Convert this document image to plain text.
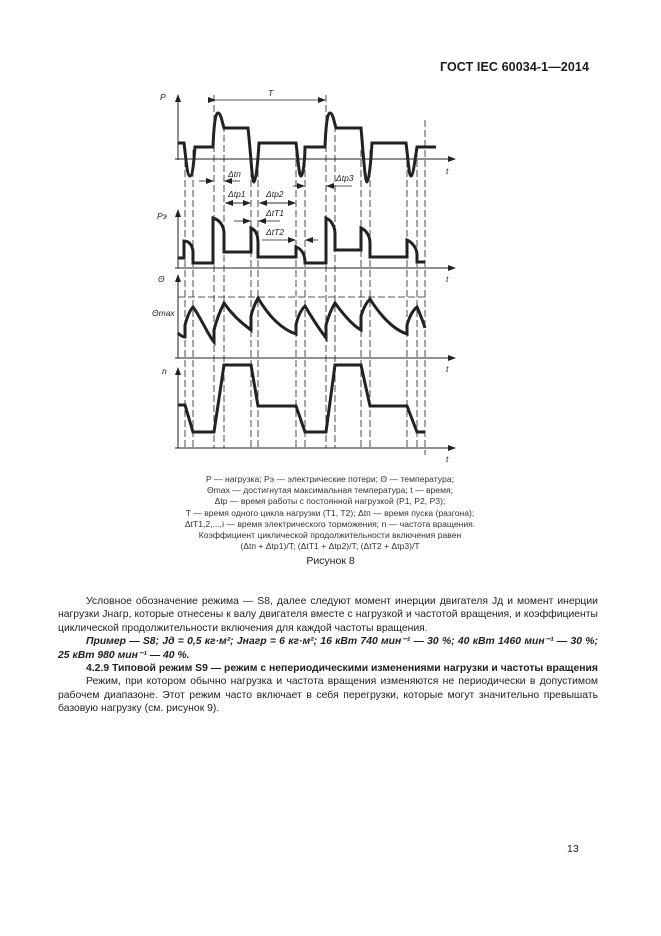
ГОСТ IEC 60034-1—2014
P	T
t
Δtп
Δtp1 Δtp2
Δtp3
ΔtT1
ΔtT2
Pэ
t
Θ
Θmax
t
n
t
P — нагрузка; Pэ — электрические потери; Θ — температура;
Θmax — достигнутая максимальная температура; t — время;
Δtp — время работы с постоянной нагрузкой (P1, P2, P3);
T — время одного цикла нагрузки (T1, T2); Δtп — время пуска (разгона);
ΔtT1,2,...,i — время электрического торможения; n — частота вращения.
Коэффициент циклической продолжительности включения равен
(Δtп + Δtp1)/T; (ΔtT1 + Δtp2)/T; (ΔtT2 + Δtp3)/T
Рисунок 8

Условное обозначение режима — S8, далее следуют момент инерции двигателя Jд и момент инерции нагрузки Jнагр, которые отнесены к валу двигателя вместе с нагрузкой и частотой вращения, и коэффициенты циклической продолжительности включения для каждой частоты вращения.

Пример — S8; Jд = 0,5 кг·м²; Jнагр = 6 кг·м²; 16 кВт 740 мин⁻¹ — 30 %; 40 кВт 1460 мин⁻¹ — 30 %; 25 кВт 980 мин⁻¹ — 40 %.

4.2.9 Типовой режим S9 — режим с непериодическими изменениями нагрузки и частоты вращения

Режим, при котором обычно нагрузка и частота вращения изменяются не периодически в допустимом рабочем диапазоне. Этот режим часто включает в себя перегрузки, которые могут значительно превышать базовую нагрузку (см. рисунок 9).

13
